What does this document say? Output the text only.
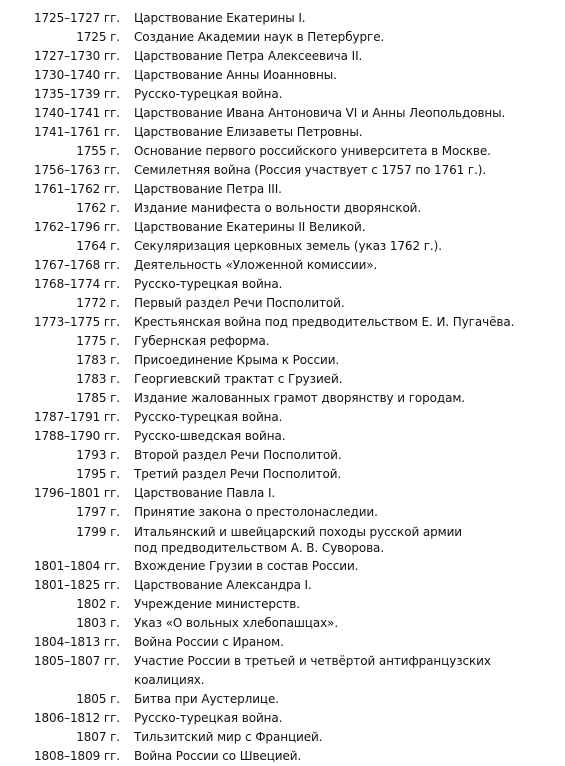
1725–1727 гг. Царствование Екатерины I.
1725 г. Создание Академии наук в Петербурге.
1727–1730 гг. Царствование Петра Алексеевича II.
1730–1740 гг. Царствование Анны Иоанновны.
1735–1739 гг. Русско-турецкая война.
1740–1741 гг. Царствование Ивана Антоновича VI и Анны Леопольдовны.
1741–1761 гг. Царствование Елизаветы Петровны.
1755 г. Основание первого российского университета в Москве.
1756–1763 гг. Семилетняя война (Россия участвует с 1757 по 1761 г.).
1761–1762 гг. Царствование Петра III.
1762 г. Издание манифеста о вольности дворянской.
1762–1796 гг. Царствование Екатерины II Великой.
1764 г. Секуляризация церковных земель (указ 1762 г.).
1767–1768 гг. Деятельность «Уложенной комиссии».
1768–1774 гг. Русско-турецкая война.
1772 г. Первый раздел Речи Посполитой.
1773–1775 гг. Крестьянская война под предводительством Е. И. Пугачёва.
1775 г. Губернская реформа.
1783 г. Присоединение Крыма к России.
1783 г. Георгиевский трактат с Грузией.
1785 г. Издание жалованных грамот дворянству и городам.
1787–1791 гг. Русско-турецкая война.
1788–1790 гг. Русско-шведская война.
1793 г. Второй раздел Речи Посполитой.
1795 г. Третий раздел Речи Посполитой.
1796–1801 гг. Царствование Павла I.
1797 г. Принятие закона о престолонаследии.
1799 г. Итальянский и швейцарский походы русской армии
под предводительством А. В. Суворова.
1801–1804 гг. Вхождение Грузии в состав России.
1801–1825 гг. Царствование Александра I.
1802 г. Учреждение министерств.
1803 г. Указ «О вольных хлебопашцах».
1804–1813 гг. Война России с Ираном.
1805–1807 гг. Участие России в третьей и четвёртой антифранцузских коалициях.
1805 г. Битва при Аустерлице.
1806–1812 гг. Русско-турецкая война.
1807 г. Тильзитский мир с Францией.
1808–1809 гг. Война России со Швецией.
